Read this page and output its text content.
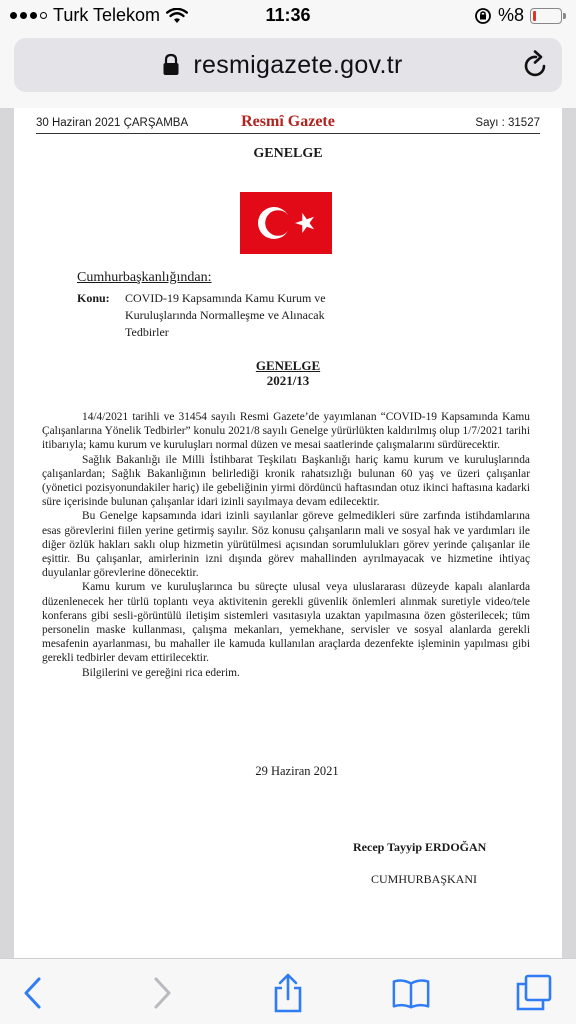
Turk Telekom	11:36	%8
resmigazete.gov.tr
30 Haziran 2021 ÇARŞAMBA	Resmî Gazete	Sayı : 31527
GENELGE
Cumhurbaşkanlığından:
Konu: COVID-19 Kapsamında Kamu Kurum ve Kuruluşlarında Normalleşme ve Alınacak Tedbirler
GENELGE
2021/13

14/4/2021 tarihli ve 31454 sayılı Resmi Gazete’de yayımlanan “COVID-19 Kapsamında Kamu Çalışanlarına Yönelik Tedbirler” konulu 2021/8 sayılı Genelge yürürlükten kaldırılmış olup 1/7/2021 tarihi itibarıyla; kamu kurum ve kuruluşları normal düzen ve mesai saatlerinde çalışmalarını sürdürecektir.

Sağlık Bakanlığı ile Milli İstihbarat Teşkilatı Başkanlığı hariç kamu kurum ve kuruluşlarında çalışanlardan; Sağlık Bakanlığının belirlediği kronik rahatsızlığı bulunan 60 yaş ve üzeri çalışanlar (yönetici pozisyonundakiler hariç) ile gebeliğinin yirmi dördüncü haftasından otuz ikinci haftasına kadarki süre içerisinde bulunan çalışanlar idari izinli sayılmaya devam edilecektir.

Bu Genelge kapsamında idari izinli sayılanlar göreve gelmedikleri süre zarfında istihdamlarına esas görevlerini fiilen yerine getirmiş sayılır. Söz konusu çalışanların mali ve sosyal hak ve yardımları ile diğer özlük hakları saklı olup hizmetin yürütülmesi açısından sorumlulukları görev yerinde çalışanlar ile eşittir. Bu çalışanlar, amirlerinin izni dışında görev mahallinden ayrılmayacak ve hizmetine ihtiyaç duyulanlar görevlerine dönecektir.

Kamu kurum ve kuruluşlarınca bu süreçte ulusal veya uluslararası düzeyde kapalı alanlarda düzenlenecek her türlü toplantı veya aktivitenin gerekli güvenlik önlemleri alınmak suretiyle video/tele konferans gibi sesli-görüntülü iletişim sistemleri vasıtasıyla uzaktan yapılmasına özen gösterilecek; tüm personelin maske kullanması, çalışma mekanları, yemekhane, servisler ve sosyal alanlarda gerekli mesafenin ayarlanması, bu mahaller ile kamuda kullanılan araçlarda dezenfekte işleminin yapılması gibi gerekli tedbirler devam ettirilecektir.

Bilgilerini ve gereğini rica ederim.

29 Haziran 2021
Recep Tayyip ERDOĞAN
CUMHURBAŞKANI
